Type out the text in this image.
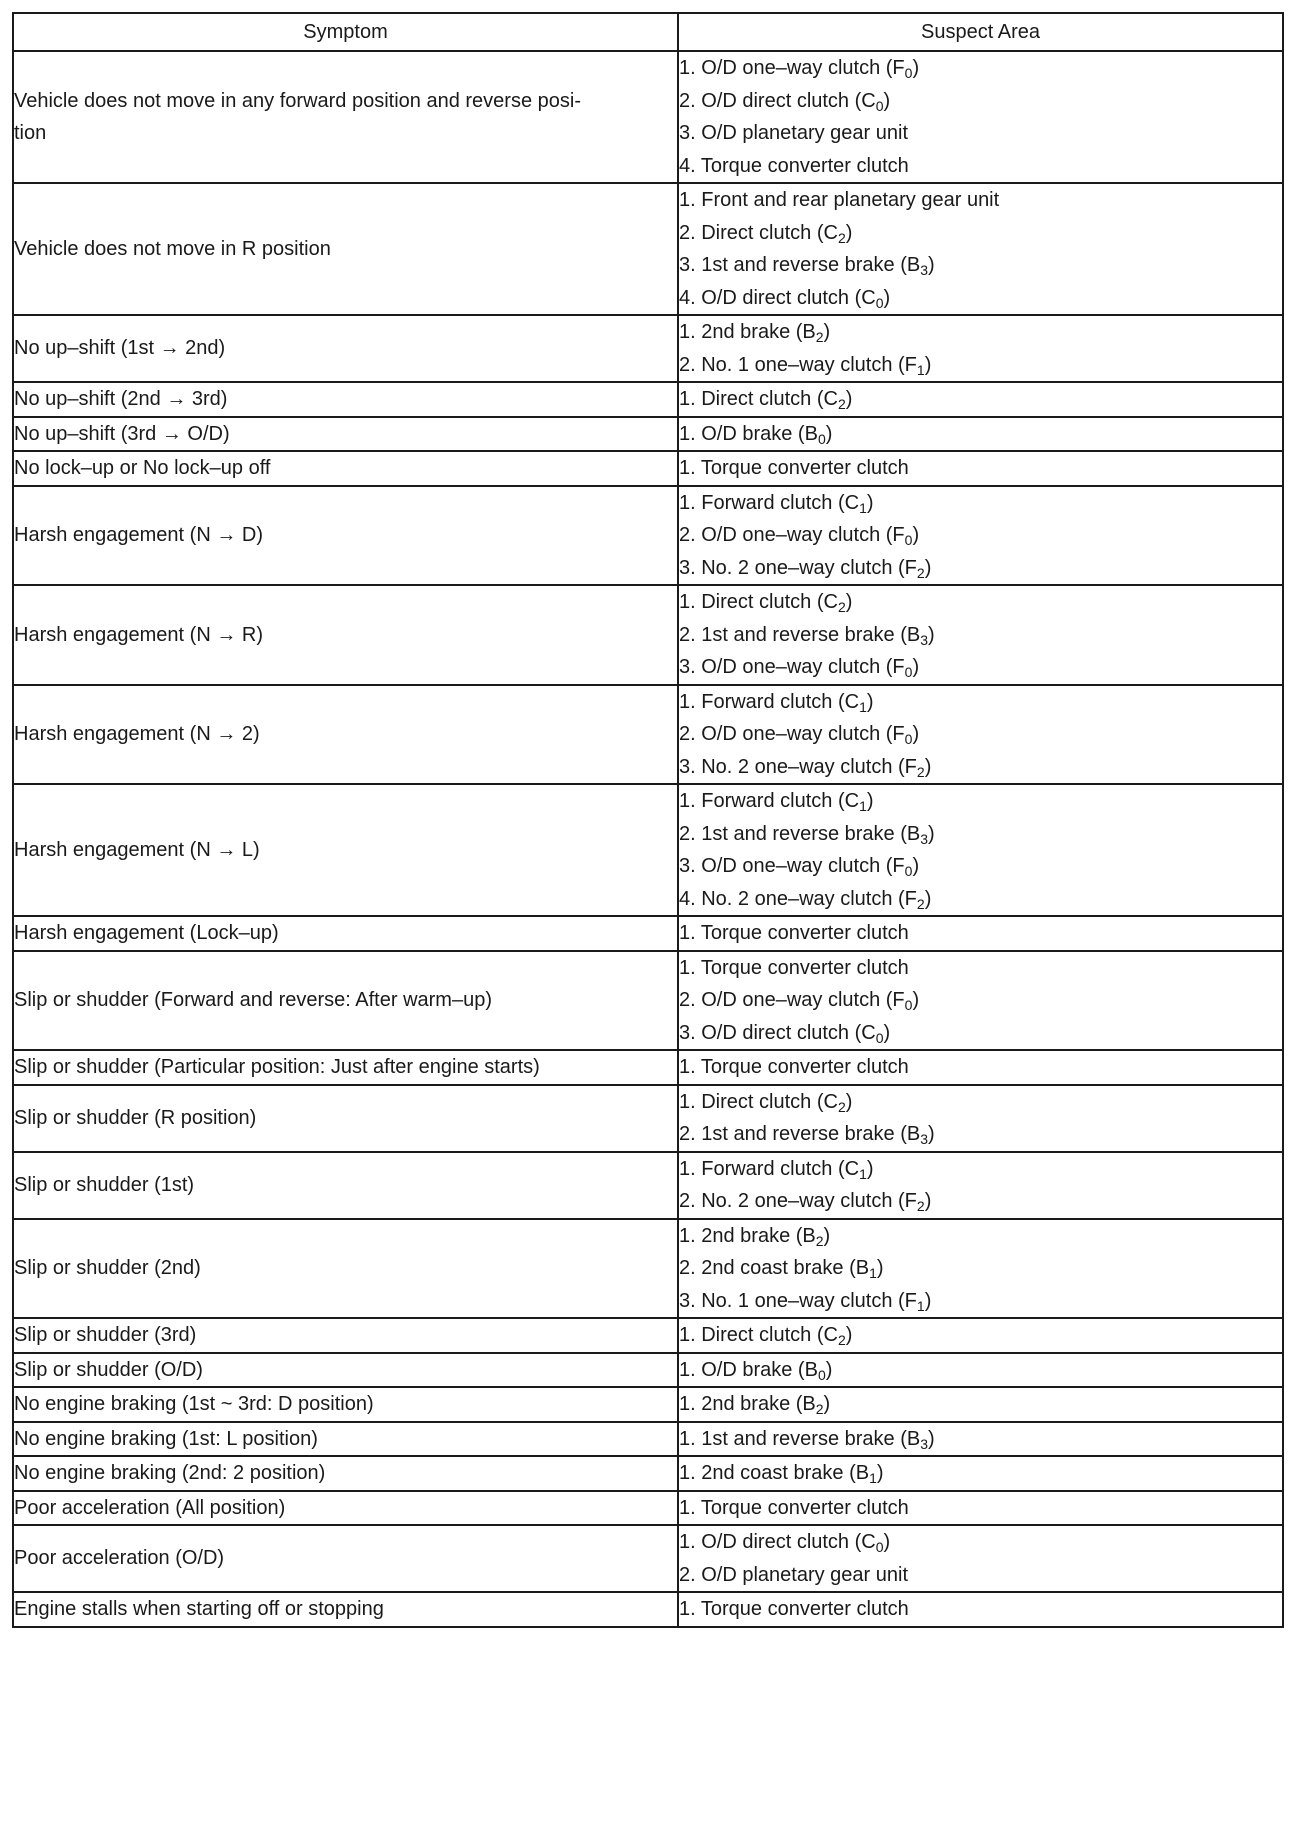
Symptom	Suspect Area
Vehicle does not move in any forward position and reverse posi-
tion	1. O/D one–way clutch $(F_0)$
2. O/D direct clutch $(C_0)$
3. O/D planetary gear unit
4. Torque converter clutch

Vehicle does not move in R position	1. Front and rear planetary gear unit
2. Direct clutch $(C_2)$
3. 1st and reverse brake $(B_3)$
4. O/D direct clutch $(C_0)$

No up–shift (1st → 2nd)	1. 2nd brake $(B_2)$
2. No. 1 one–way clutch $(F_1)$

No up–shift (2nd → 3rd)	1. Direct clutch $(C_2)$

No up–shift (3rd → O/D)	1. O/D brake $(B_0)$

No lock–up or No lock–up off	1. Torque converter clutch

Harsh engagement (N → D)	1. Forward clutch $(C_1)$
2. O/D one–way clutch $(F_0)$
3. No. 2 one–way clutch $(F_2)$

Harsh engagement (N → R)	1. Direct clutch $(C_2)$
2. 1st and reverse brake $(B_3)$
3. O/D one–way clutch $(F_0)$

Harsh engagement (N → 2)	1. Forward clutch $(C_1)$
2. O/D one–way clutch $(F_0)$
3. No. 2 one–way clutch $(F_2)$

Harsh engagement (N → L)	1. Forward clutch $(C_1)$
2. 1st and reverse brake $(B_3)$
3. O/D one–way clutch $(F_0)$
4. No. 2 one–way clutch $(F_2)$

Harsh engagement (Lock–up)	1. Torque converter clutch

Slip or shudder (Forward and reverse: After warm–up)	1. Torque converter clutch
2. O/D one–way clutch $(F_0)$
3. O/D direct clutch $(C_0)$

Slip or shudder (Particular position: Just after engine starts)	1. Torque converter clutch

Slip or shudder (R position)	1. Direct clutch $(C_2)$
2. 1st and reverse brake $(B_3)$

Slip or shudder (1st)	1. Forward clutch $(C_1)$
2. No. 2 one–way clutch $(F_2)$

Slip or shudder (2nd)	1. 2nd brake $(B_2)$
2. 2nd coast brake $(B_1)$
3. No. 1 one–way clutch $(F_1)$

Slip or shudder (3rd)	1. Direct clutch $(C_2)$

Slip or shudder (O/D)	1. O/D brake $(B_0)$

No engine braking (1st ~ 3rd: D position)	1. 2nd brake $(B_2)$

No engine braking (1st: L position)	1. 1st and reverse brake $(B_3)$

No engine braking (2nd: 2 position)	1. 2nd coast brake $(B_1)$

Poor acceleration (All position)	1. Torque converter clutch

Poor acceleration (O/D)	1. O/D direct clutch $(C_0)$
2. O/D planetary gear unit

Engine stalls when starting off or stopping	1. Torque converter clutch
